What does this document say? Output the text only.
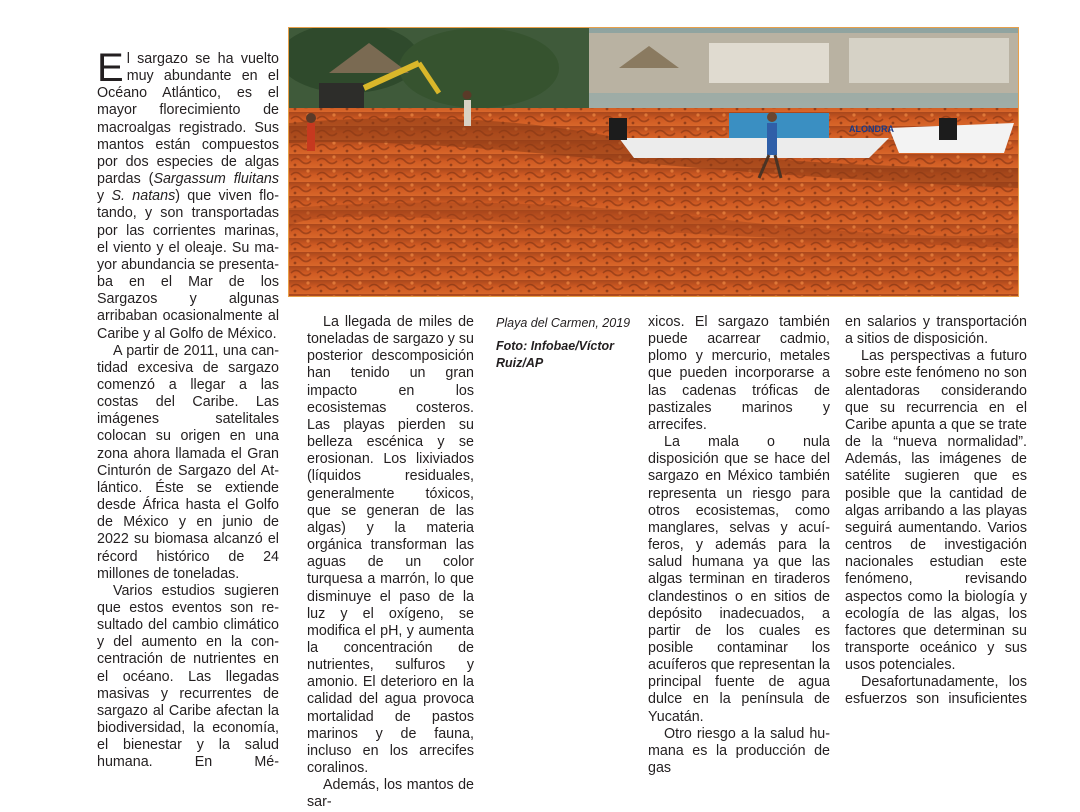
El sargazo se ha vuelto muy abundante en el Océano Atlántico, es el mayor florecimiento de macroalgas registrado. Sus mantos están compuestos por dos especies de algas pardas (Sargassum fluitans y S. natans) que viven flotando, y son transportadas por las corrientes marinas, el viento y el oleaje. Su mayor abundancia se presentaba en el Mar de los Sargazos y algunas arribaban ocasionalmente al Caribe y al Golfo de México.

A partir de 2011, una cantidad excesiva de sargazo comenzó a llegar a las costas del Caribe. Las imágenes satelitales colocan su origen en una zona ahora llamada el Gran Cinturón de Sargazo del Atlántico. Éste se extiende desde África hasta el Golfo de México y en junio de 2022 su biomasa alcanzó el récord histórico de 24 millones de toneladas.

Varios estudios sugieren que estos eventos son resultado del cambio climático y del aumento en la concentración de nutrientes en el océano. Las llegadas masivas y recurrentes de sargazo al Caribe afectan la biodiversidad, la economía, el bienestar y la salud humana. En Mé-

ALONDRA
Playa del Carmen, 2019
Foto: Infobae/Víctor Ruiz/AP

La llegada de miles de toneladas de sargazo y su posterior descomposición han tenido un gran impacto en los ecosistemas costeros. Las playas pierden su belleza escénica y se erosionan. Los lixiviados (líquidos residuales, generalmente tóxicos, que se generan de las algas) y la materia orgánica transforman las aguas de un color turquesa a marrón, lo que disminuye el paso de la luz y el oxígeno, se modifica el pH, y aumenta la concentración de nutrientes, sulfuros y amonio. El deterioro en la calidad del agua provoca mortalidad de pastos marinos y de fauna, incluso en los arrecifes coralinos.

Además, los mantos de sar-

xicos. El sargazo también puede acarrear cadmio, plomo y mercurio, metales que pueden incorporarse a las cadenas tróficas de pastizales marinos y arrecifes.

La mala o nula disposición que se hace del sargazo en México también representa un riesgo para otros ecosistemas, como manglares, selvas y acuíferos, y además para la salud humana ya que las algas terminan en tiraderos clandestinos o en sitios de depósito inadecuados, a partir de los cuales es posible contaminar los acuíferos que representan la principal fuente de agua dulce en la península de Yucatán.

Otro riesgo a la salud humana es la producción de gas

en salarios y transportación a sitios de disposición.

Las perspectivas a futuro sobre este fenómeno no son alentadoras considerando que su recurrencia en el Caribe apunta a que se trate de la “nueva normalidad”. Además, las imágenes de satélite sugieren que es posible que la cantidad de algas arribando a las playas seguirá aumentando. Varios centros de investigación nacionales estudian este fenómeno, revisando aspectos como la biología y ecología de las algas, los factores que determinan su transporte oceánico y sus usos potenciales.

Desafortunadamente, los esfuerzos son insuficientes
